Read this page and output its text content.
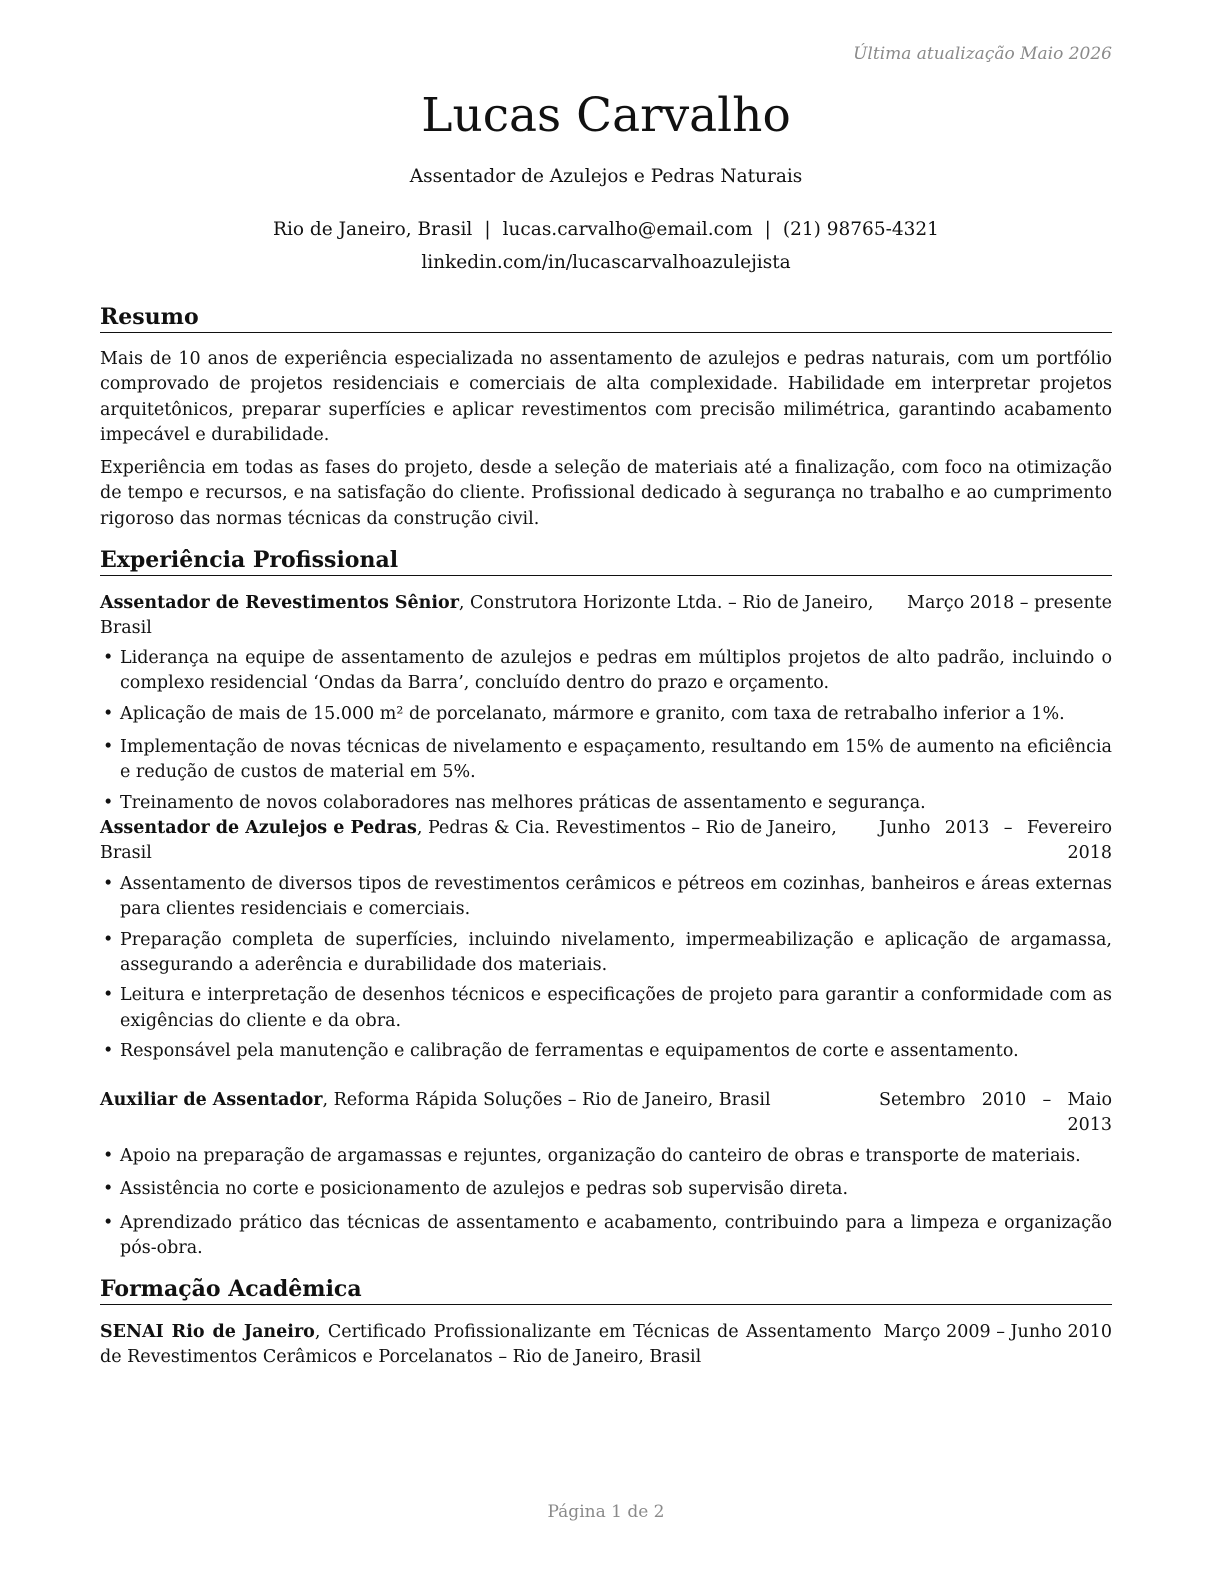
Última atualização Maio 2026
Lucas Carvalho
Assentador de Azulejos e Pedras Naturais
Rio de Janeiro, Brasil | lucas.carvalho@email.com | (21) 98765-4321
linkedin.com/in/lucascarvalhoazulejista
Resumo
Mais de 10 anos de experiência especializada no assentamento de azulejos e pedras naturais, com um portfólio comprovado de projetos residenciais e comerciais de alta complexidade. Habilidade em interpretar projetos arquitetônicos, preparar superfícies e aplicar revestimentos com precisão milimétrica, garantindo acabamento impecável e durabilidade.
Experiência em todas as fases do projeto, desde a seleção de materiais até a finalização, com foco na otimização de tempo e recursos, e na satisfação do cliente. Profissional dedicado à segurança no trabalho e ao cumprimento rigoroso das normas técnicas da construção civil.
Experiência Profissional
Assentador de Revestimentos Sênior, Construtora Horizonte Ltda. – Rio de Janeiro, Brasil
Março 2018 – presente
• Liderança na equipe de assentamento de azulejos e pedras em múltiplos projetos de alto padrão, incluindo o complexo residencial ‘Ondas da Barra’, concluído dentro do prazo e orçamento.
• Aplicação de mais de 15.000 m² de porcelanato, mármore e granito, com taxa de retrabalho inferior a 1%.
• Implementação de novas técnicas de nivelamento e espaçamento, resultando em 15% de aumento na eficiência e redução de custos de material em 5%.
• Treinamento de novos colaboradores nas melhores práticas de assentamento e segurança.
Assentador de Azulejos e Pedras, Pedras & Cia. Revestimentos – Rio de Janeiro, Brasil
Junho 2013 – Fevereiro 2018
• Assentamento de diversos tipos de revestimentos cerâmicos e pétreos em cozinhas, banheiros e áreas externas para clientes residenciais e comerciais.
• Preparação completa de superfícies, incluindo nivelamento, impermeabilização e aplicação de argamassa, assegurando a aderência e durabilidade dos materiais.
• Leitura e interpretação de desenhos técnicos e especificações de projeto para garantir a conformidade com as exigências do cliente e da obra.
• Responsável pela manutenção e calibração de ferramentas e equipamentos de corte e assentamento.
Auxiliar de Assentador, Reforma Rápida Soluções – Rio de Janeiro, Brasil	Setembro 2010 – Maio 2013
• Apoio na preparação de argamassas e rejuntes, organização do canteiro de obras e transporte de materiais.
• Assistência no corte e posicionamento de azulejos e pedras sob supervisão direta.
• Aprendizado prático das técnicas de assentamento e acabamento, contribuindo para a limpeza e organização pós-obra.
Formação Acadêmica
SENAI Rio de Janeiro, Certificado Profissionalizante em Técnicas de Assentamento de Revestimentos Cerâmicos e Porcelanatos – Rio de Janeiro, Brasil
Março 2009 – Junho 2010
Página 1 de 2
